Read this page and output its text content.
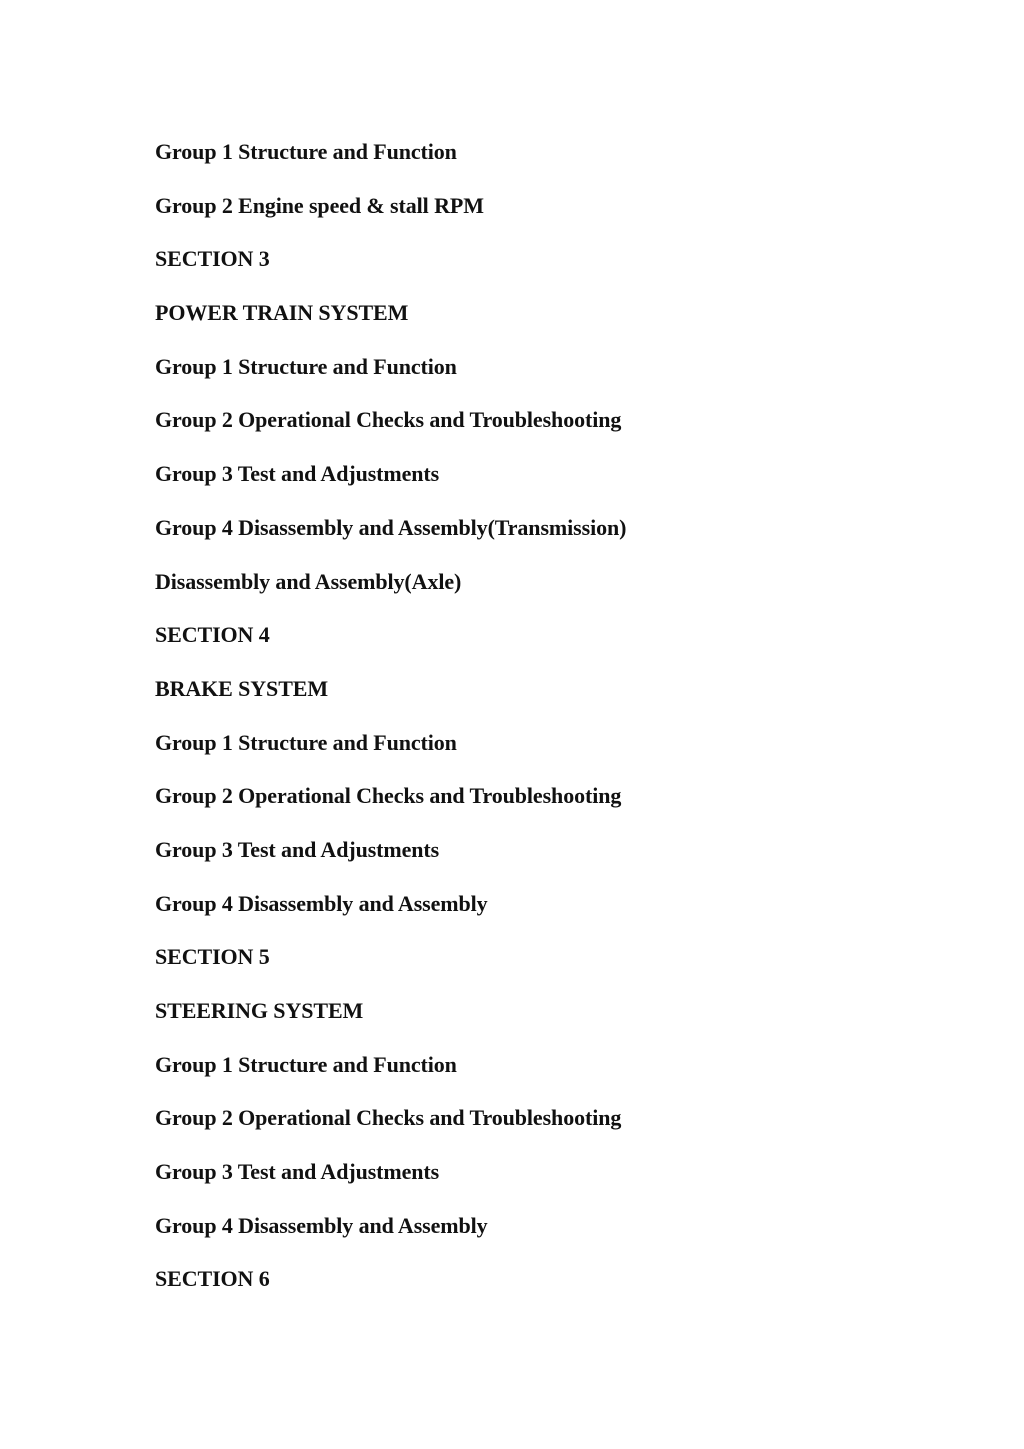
Group 1 Structure and Function
Group 2 Engine speed & stall RPM
SECTION 3
POWER TRAIN SYSTEM
Group 1 Structure and Function
Group 2 Operational Checks and Troubleshooting
Group 3 Test and Adjustments
Group 4 Disassembly and Assembly(Transmission)
Disassembly and Assembly(Axle)
SECTION 4
BRAKE SYSTEM
Group 1 Structure and Function
Group 2 Operational Checks and Troubleshooting
Group 3 Test and Adjustments
Group 4 Disassembly and Assembly
SECTION 5
STEERING SYSTEM
Group 1 Structure and Function
Group 2 Operational Checks and Troubleshooting
Group 3 Test and Adjustments
Group 4 Disassembly and Assembly
SECTION 6
